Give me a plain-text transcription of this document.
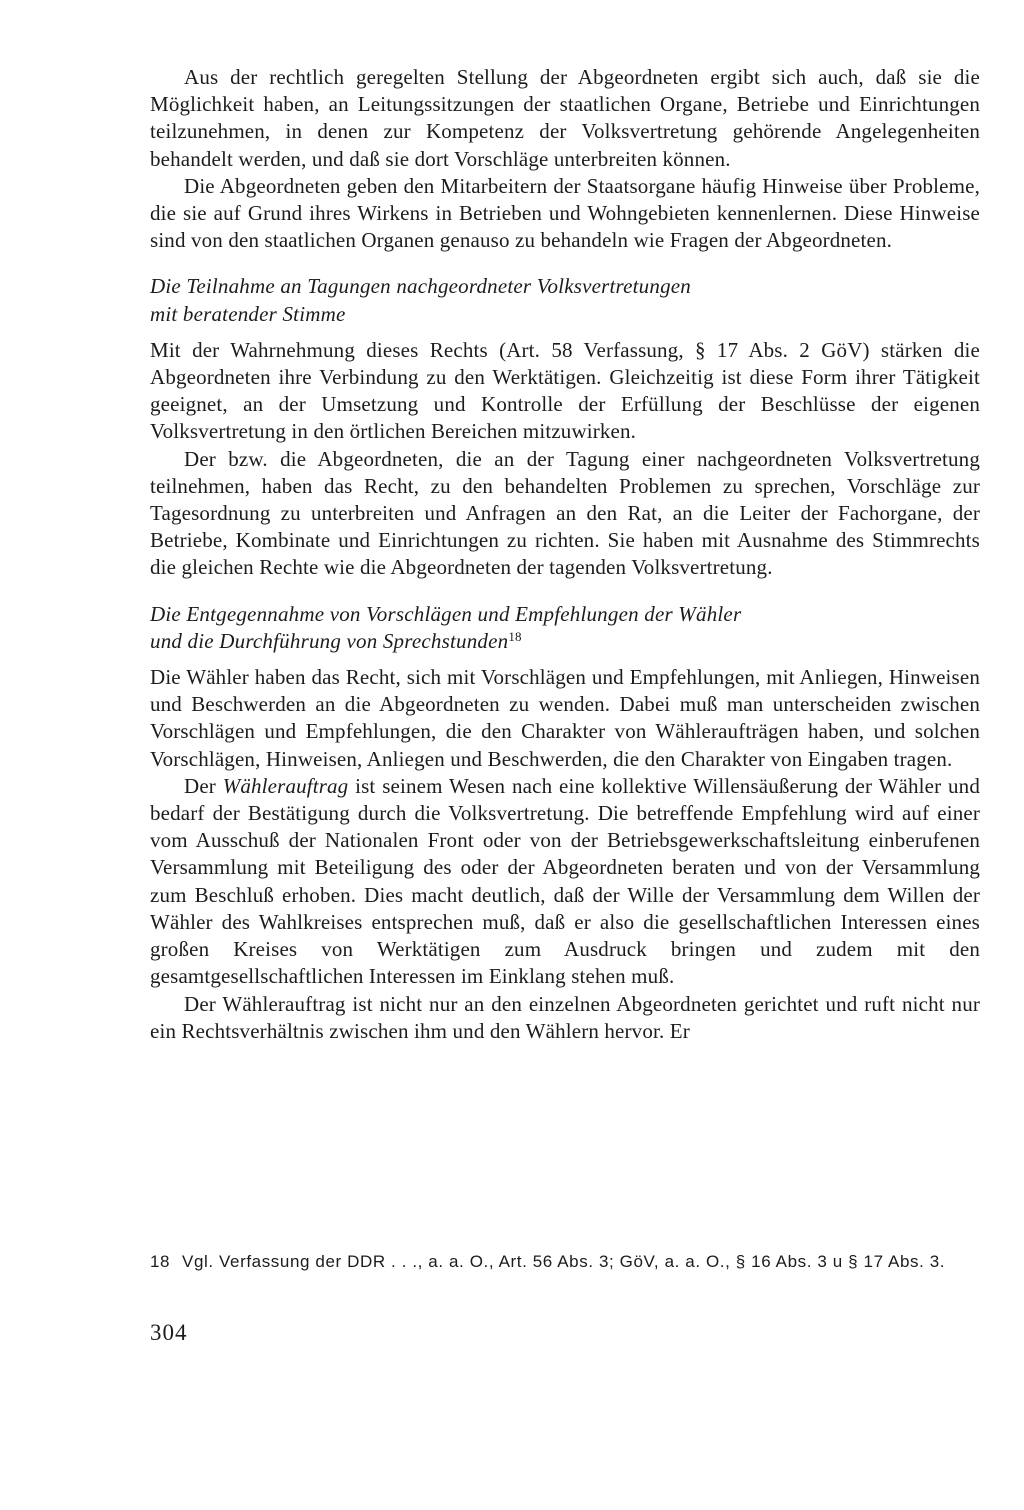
Aus der rechtlich geregelten Stellung der Abgeordneten ergibt sich auch, daß sie die Möglichkeit haben, an Leitungssitzungen der staatlichen Organe, Betriebe und Einrichtungen teilzunehmen, in denen zur Kompetenz der Volksvertretung gehörende Angelegenheiten behandelt werden, und daß sie dort Vorschläge unterbreiten können.

Die Abgeordneten geben den Mitarbeitern der Staatsorgane häufig Hinweise über Probleme, die sie auf Grund ihres Wirkens in Betrieben und Wohngebieten kennenlernen. Diese Hinweise sind von den staatlichen Organen genauso zu behandeln wie Fragen der Abgeordneten.

Die Teilnahme an Tagungen nachgeordneter Volksvertretungen
mit beratender Stimme

Mit der Wahrnehmung dieses Rechts (Art. 58 Verfassung, § 17 Abs. 2 GöV) stärken die Abgeordneten ihre Verbindung zu den Werktätigen. Gleichzeitig ist diese Form ihrer Tätigkeit geeignet, an der Umsetzung und Kontrolle der Erfüllung der Beschlüsse der eigenen Volksvertretung in den örtlichen Bereichen mitzuwirken.

Der bzw. die Abgeordneten, die an der Tagung einer nachgeordneten Volksvertretung teilnehmen, haben das Recht, zu den behandelten Problemen zu sprechen, Vorschläge zur Tagesordnung zu unterbreiten und Anfragen an den Rat, an die Leiter der Fachorgane, der Betriebe, Kombinate und Einrichtungen zu richten. Sie haben mit Ausnahme des Stimmrechts die gleichen Rechte wie die Abgeordneten der tagenden Volksvertretung.

Die Entgegennahme von Vorschlägen und Empfehlungen der Wähler
und die Durchführung von Sprechstunden$^{18}$

Die Wähler haben das Recht, sich mit Vorschlägen und Empfehlungen, mit Anliegen, Hinweisen und Beschwerden an die Abgeordneten zu wenden. Dabei muß man unterscheiden zwischen Vorschlägen und Empfehlungen, die den Charakter von Wähleraufträgen haben, und solchen Vorschlägen, Hinweisen, Anliegen und Beschwerden, die den Charakter von Eingaben tragen.

Der Wählerauftrag ist seinem Wesen nach eine kollektive Willensäußerung der Wähler und bedarf der Bestätigung durch die Volksvertretung. Die betreffende Empfehlung wird auf einer vom Ausschuß der Nationalen Front oder von der Betriebsgewerkschaftsleitung einberufenen Versammlung mit Beteiligung des oder der Abgeordneten beraten und von der Versammlung zum Beschluß erhoben. Dies macht deutlich, daß der Wille der Versammlung dem Willen der Wähler des Wahlkreises entsprechen muß, daß er also die gesellschaftlichen Interessen eines großen Kreises von Werktätigen zum Ausdruck bringen und zudem mit den gesamtgesellschaftlichen Interessen im Einklang stehen muß.

Der Wählerauftrag ist nicht nur an den einzelnen Abgeordneten gerichtet und ruft nicht nur ein Rechtsverhältnis zwischen ihm und den Wählern hervor. Er

18 Vgl. Verfassung der DDR . . ., a. a. O., Art. 56 Abs. 3; GöV, a. a. O., § 16 Abs. 3 u § 17 Abs. 3.
304
